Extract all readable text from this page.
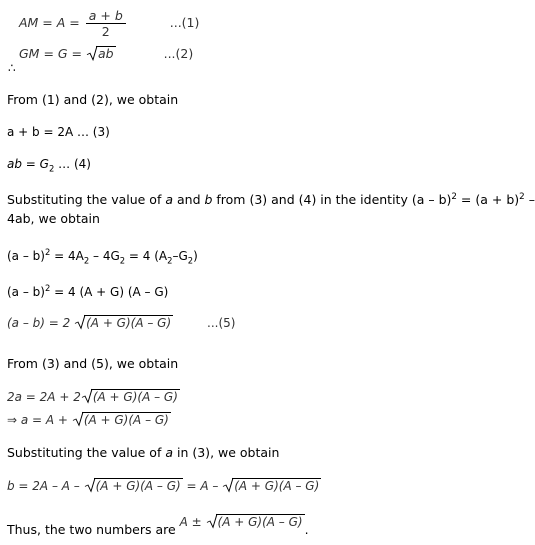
AM = $A = \frac{a + b}{2}$	...(1)
GM = G = ab	...(2)
∴
From (1) and (2), we obtain
a + b = 2A … (3)
ab = $G_2$ … (4)
Substituting the value of a and b from (3) and (4) in the identity $(a - b)^2 = (a + b)^2$ –
4ab, we obtain
$(a - b)^2 = 4A_2 - 4G_2 = 4$ $(A_2-G_2)$
(a – b)$^2$ = 4 (A + G) (A – G)
(a – b) = 2 (A + G)(A – G)	...(5)
From (3) and (5), we obtain
2a = 2A + 2 (A + G)(A – G)
⇒ a = A +
(A + G)(A – G)
Substituting the value of a in (3), we obtain
b = 2A – A –
(A + G)(A – G) = A –
(A + G)(A – G)
Thus, the two numbers are A ±
(A + G)(A – G) .
